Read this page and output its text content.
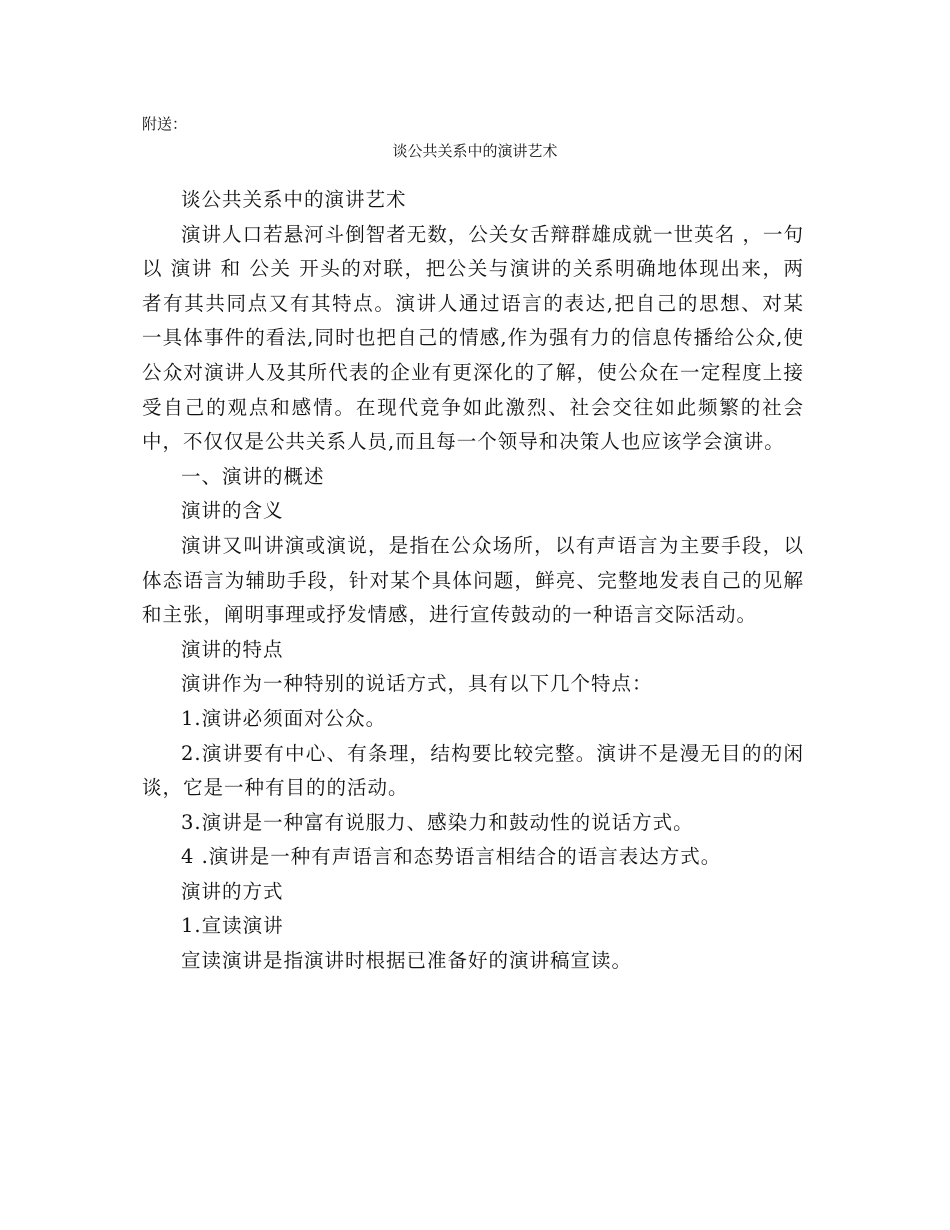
附送：
谈公共关系中的演讲艺术

谈公共关系中的演讲艺术

演讲人口若悬河斗倒智者无数，公关女舌辩群雄成就一世英名 ，一句以 演讲 和 公关 开头的对联，把公关与演讲的关系明确地体现出来，两者有其共同点又有其特点。演讲人通过语言的表达,把自己的思想、对某一具体事件的看法,同时也把自己的情感,作为强有力的信息传播给公众,使公众对演讲人及其所代表的企业有更深化的了解，使公众在一定程度上接受自己的观点和感情。在现代竞争如此激烈、社会交往如此频繁的社会中，不仅仅是公共关系人员,而且每一个领导和决策人也应该学会演讲。

一、演讲的概述

演讲的含义

演讲又叫讲演或演说，是指在公众场所，以有声语言为主要手段，以体态语言为辅助手段，针对某个具体问题，鲜亮、完整地发表自己的见解和主张，阐明事理或抒发情感，进行宣传鼓动的一种语言交际活动。

演讲的特点

演讲作为一种特别的说话方式，具有以下几个特点：

1.演讲必须面对公众。

2.演讲要有中心、有条理，结构要比较完整。演讲不是漫无目的的闲谈，它是一种有目的的活动。

3.演讲是一种富有说服力、感染力和鼓动性的说话方式。

4 .演讲是一种有声语言和态势语言相结合的语言表达方式。

演讲的方式

1.宣读演讲

宣读演讲是指演讲时根据已准备好的演讲稿宣读。
